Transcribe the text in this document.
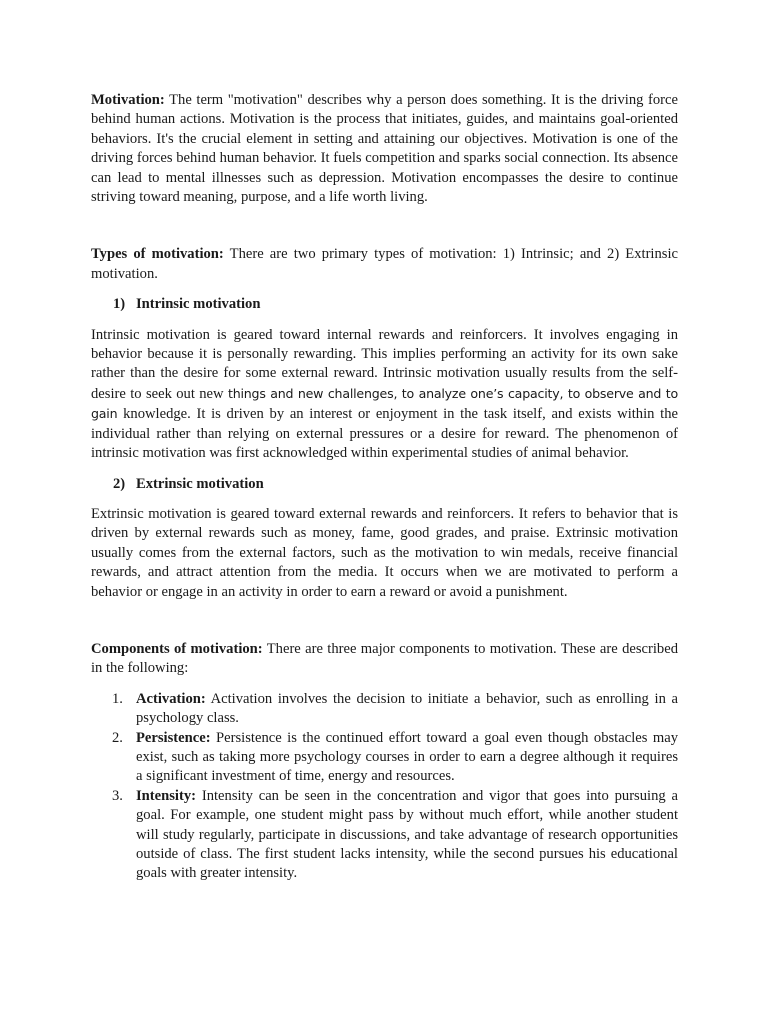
Motivation: The term "motivation" describes why a person does something. It is the driving force behind human actions. Motivation is the process that initiates, guides, and maintains goal-oriented behaviors. It's the crucial element in setting and attaining our objectives. Motivation is one of the driving forces behind human behavior. It fuels competition and sparks social connection. Its absence can lead to mental illnesses such as depression. Motivation encompasses the desire to continue striving toward meaning, purpose, and a life worth living.

Types of motivation: There are two primary types of motivation: 1) Intrinsic; and 2) Extrinsic motivation.

1) Intrinsic motivation

Intrinsic motivation is geared toward internal rewards and reinforcers. It involves engaging in behavior because it is personally rewarding. This implies performing an activity for its own sake rather than the desire for some external reward. Intrinsic motivation usually results from the self-desire to seek out new things and new challenges, to analyze one’s capacity, to observe and to gain knowledge. It is driven by an interest or enjoyment in the task itself, and exists within the individual rather than relying on external pressures or a desire for reward. The phenomenon of intrinsic motivation was first acknowledged within experimental studies of animal behavior.

2) Extrinsic motivation

Extrinsic motivation is geared toward external rewards and reinforcers. It refers to behavior that is driven by external rewards such as money, fame, good grades, and praise. Extrinsic motivation usually comes from the external factors, such as the motivation to win medals, receive financial rewards, and attract attention from the media. It occurs when we are motivated to perform a behavior or engage in an activity in order to earn a reward or avoid a punishment.

Components of motivation: There are three major components to motivation. These are described in the following:

1. Activation: Activation involves the decision to initiate a behavior, such as enrolling in a psychology class.
2. Persistence: Persistence is the continued effort toward a goal even though obstacles may exist, such as taking more psychology courses in order to earn a degree although it requires a significant investment of time, energy and resources.
3. Intensity: Intensity can be seen in the concentration and vigor that goes into pursuing a goal. For example, one student might pass by without much effort, while another student will study regularly, participate in discussions, and take advantage of research opportunities outside of class. The first student lacks intensity, while the second pursues his educational goals with greater intensity.
